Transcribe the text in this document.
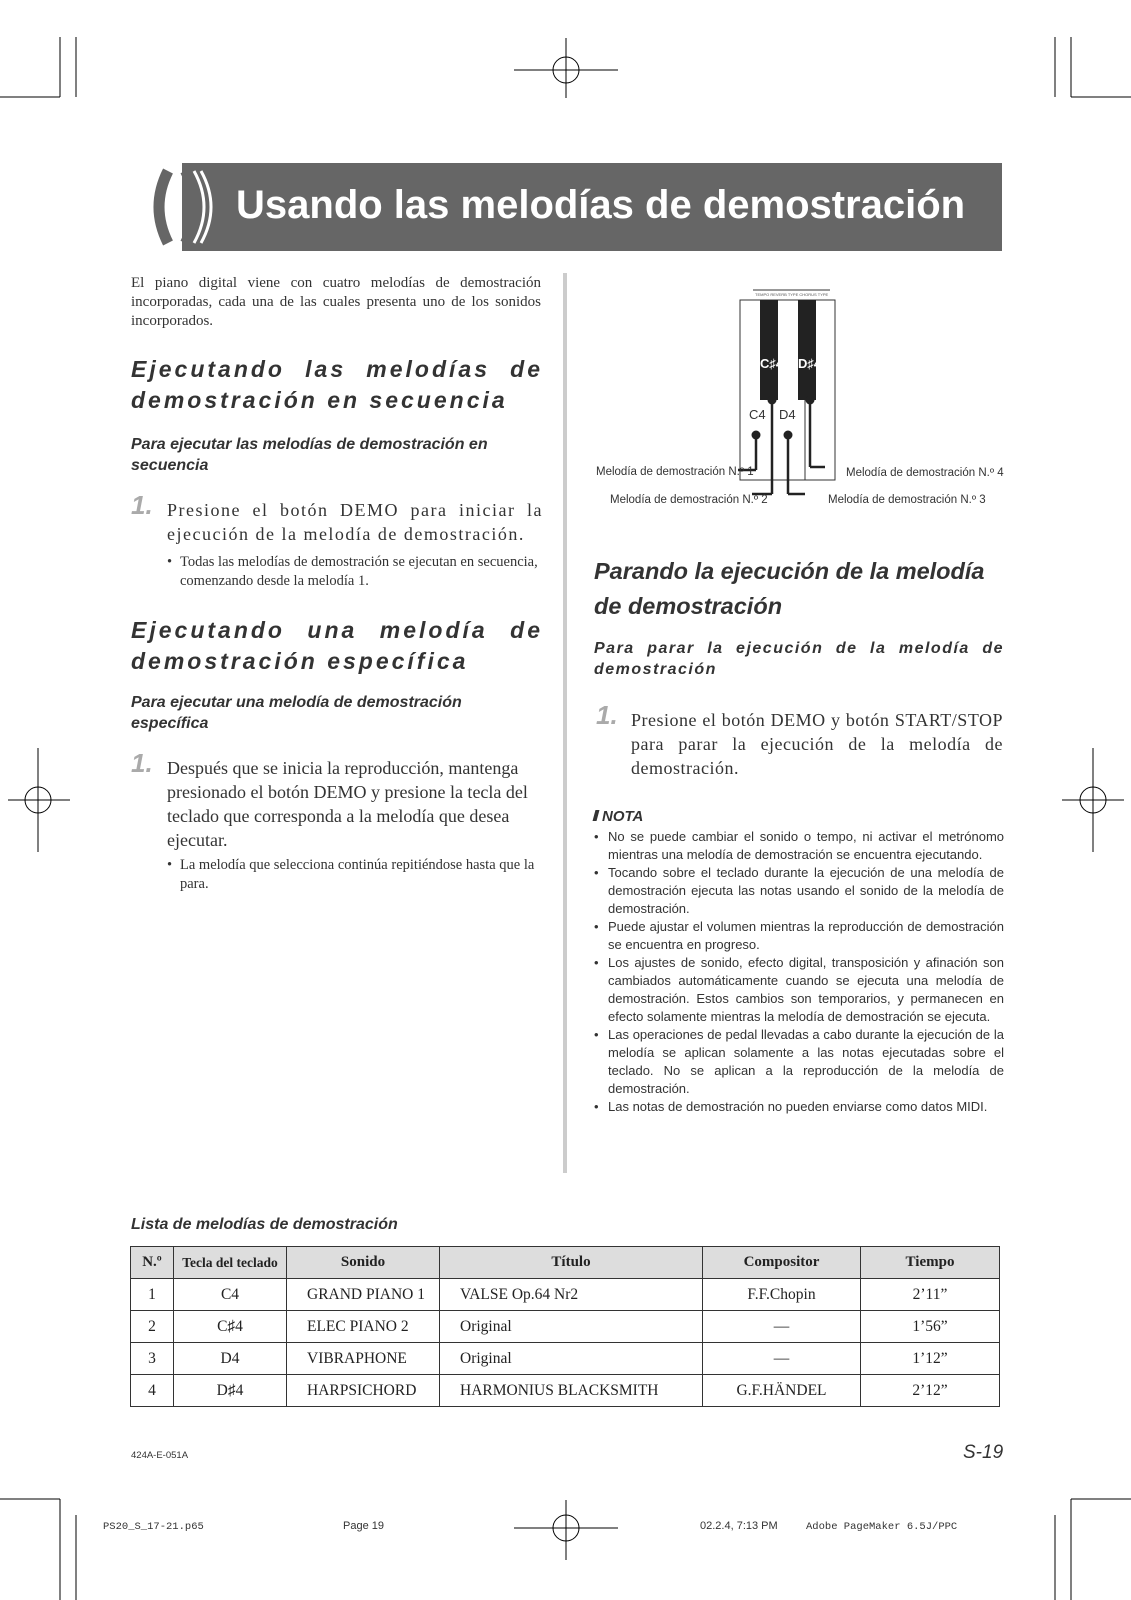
Usando las melodías de demostración
El piano digital viene con cuatro melodías de demostración incorporadas, cada una de las cuales presenta uno de los sonidos incorporados.
Ejecutando las melodías de demostración en secuencia
Para ejecutar las melodías de demostración en secuencia
1. Presione el botón DEMO para iniciar la ejecución de la melodía de demostración.
• Todas las melodías de demostración se ejecutan en secuencia, comenzando desde la melodía 1.
Ejecutando una melodía de demostración específica
Para ejecutar una melodía de demostración específica
1. Después que se inicia la reproducción, mantenga presionado el botón DEMO y presione la tecla del teclado que corresponda a la melodía que desea ejecutar.
• La melodía que selecciona continúa repitiéndose hasta que la para.
TEMPO REVERB TYPE CHORUS TYPE
C♯4 D♯4
C4 D4
Melodía de demostración N.º 1
Melodía de demostración N.º 2	Melodía de demostración N.º 3
Melodía de demostración N.º 4
Parando la ejecución de la melodía de demostración
Para parar la ejecución de la melodía de demostración
1. Presione el botón DEMO y botón START/STOP para parar la ejecución de la melodía de demostración.
NOTA
• No se puede cambiar el sonido o tempo, ni activar el metrónomo mientras una melodía de demostración se encuentra ejecutando.
• Tocando sobre el teclado durante la ejecución de una melodía de demostración ejecuta las notas usando el sonido de la melodía de demostración.
• Puede ajustar el volumen mientras la reproducción de demostración se encuentra en progreso.
• Los ajustes de sonido, efecto digital, transposición y afinación son cambiados automáticamente cuando se ejecuta una melodía de demostración. Estos cambios son temporarios, y permanecen en efecto solamente mientras la melodía de demostración se ejecuta.
• Las operaciones de pedal llevadas a cabo durante la ejecución de la melodía se aplican solamente a las notas ejecutadas sobre el teclado. No se aplican a la reproducción de la melodía de demostración.
• Las notas de demostración no pueden enviarse como datos MIDI.
Lista de melodías de demostración
N.º	Tecla del teclado	Sonido	Título	Compositor	Tiempo
1	C4	GRAND PIANO 1	VALSE Op.64 Nr2	F.F.Chopin	2’11”
2	C♯4	ELEC PIANO 2	Original	—	1’56”
3	D4	VIBRAPHONE	Original	—	1’12”
4	D♯4	HARPSICHORD	HARMONIUS BLACKSMITH	G.F.HÄNDEL	2’12”
424A-E-051A	S-19
PS20_S_17-21.p65	Page 19	02.2.4, 7:13 PM	Adobe PageMaker 6.5J/PPC
